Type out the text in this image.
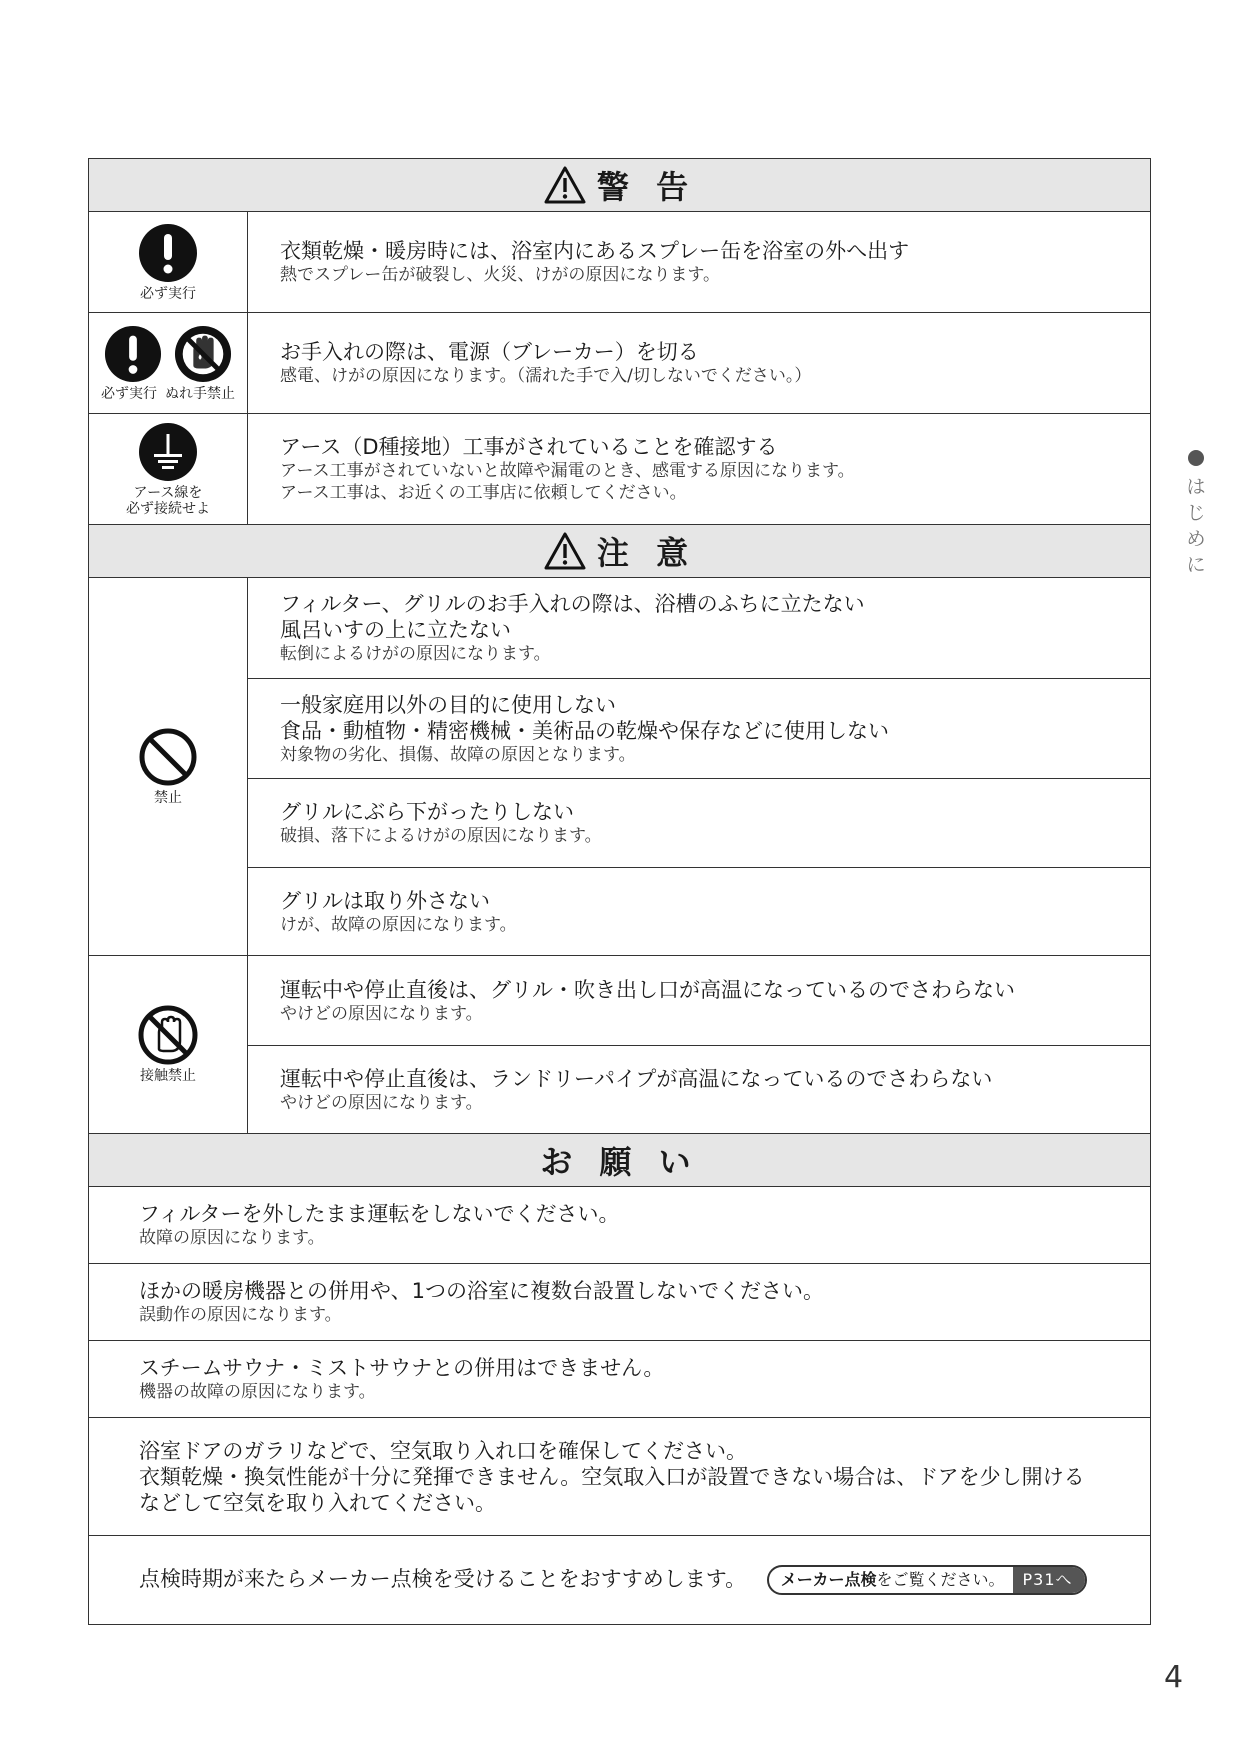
警 告
必ず実行
衣類乾燥・暖房時には、浴室内にあるスプレー缶を浴室の外へ出す
熱でスプレー缶が破裂し、火災、けがの原因になります。
必ず実行 ぬれ手禁止
お手入れの際は、電源（ブレーカー）を切る
感電、けがの原因になります。（濡れた手で入/切しないでください。）
アース線を
必ず接続せよ
アース（D種接地）工事がされていることを確認する
アース工事がされていないと故障や漏電のとき、感電する原因になります。
アース工事は、お近くの工事店に依頼してください。
注 意
禁止
フィルター、グリルのお手入れの際は、浴槽のふちに立たない
風呂いすの上に立たない
転倒によるけがの原因になります。
一般家庭用以外の目的に使用しない
食品・動植物・精密機械・美術品の乾燥や保存などに使用しない
対象物の劣化、損傷、故障の原因となります。
グリルにぶら下がったりしない
破損、落下によるけがの原因になります。
グリルは取り外さない
けが、故障の原因になります。
接触禁止
運転中や停止直後は、グリル・吹き出し口が高温になっているのでさわらない
やけどの原因になります。
運転中や停止直後は、ランドリーパイプが高温になっているのでさわらない
やけどの原因になります。
お 願 い
フィルターを外したまま運転をしないでください。
故障の原因になります。
ほかの暖房機器との併用や、1つの浴室に複数台設置しないでください。
誤動作の原因になります。
スチームサウナ・ミストサウナとの併用はできません。
機器の故障の原因になります。
浴室ドアのガラリなどで、空気取り入れ口を確保してください。
衣類乾燥・換気性能が十分に発揮できません。空気取入口が設置できない場合は、ドアを少し開ける
などして空気を取り入れてください。
点検時期が来たらメーカー点検を受けることをおすすめします。	メーカー点検をご覧ください。	P31へ
は
じ
め
に
4
